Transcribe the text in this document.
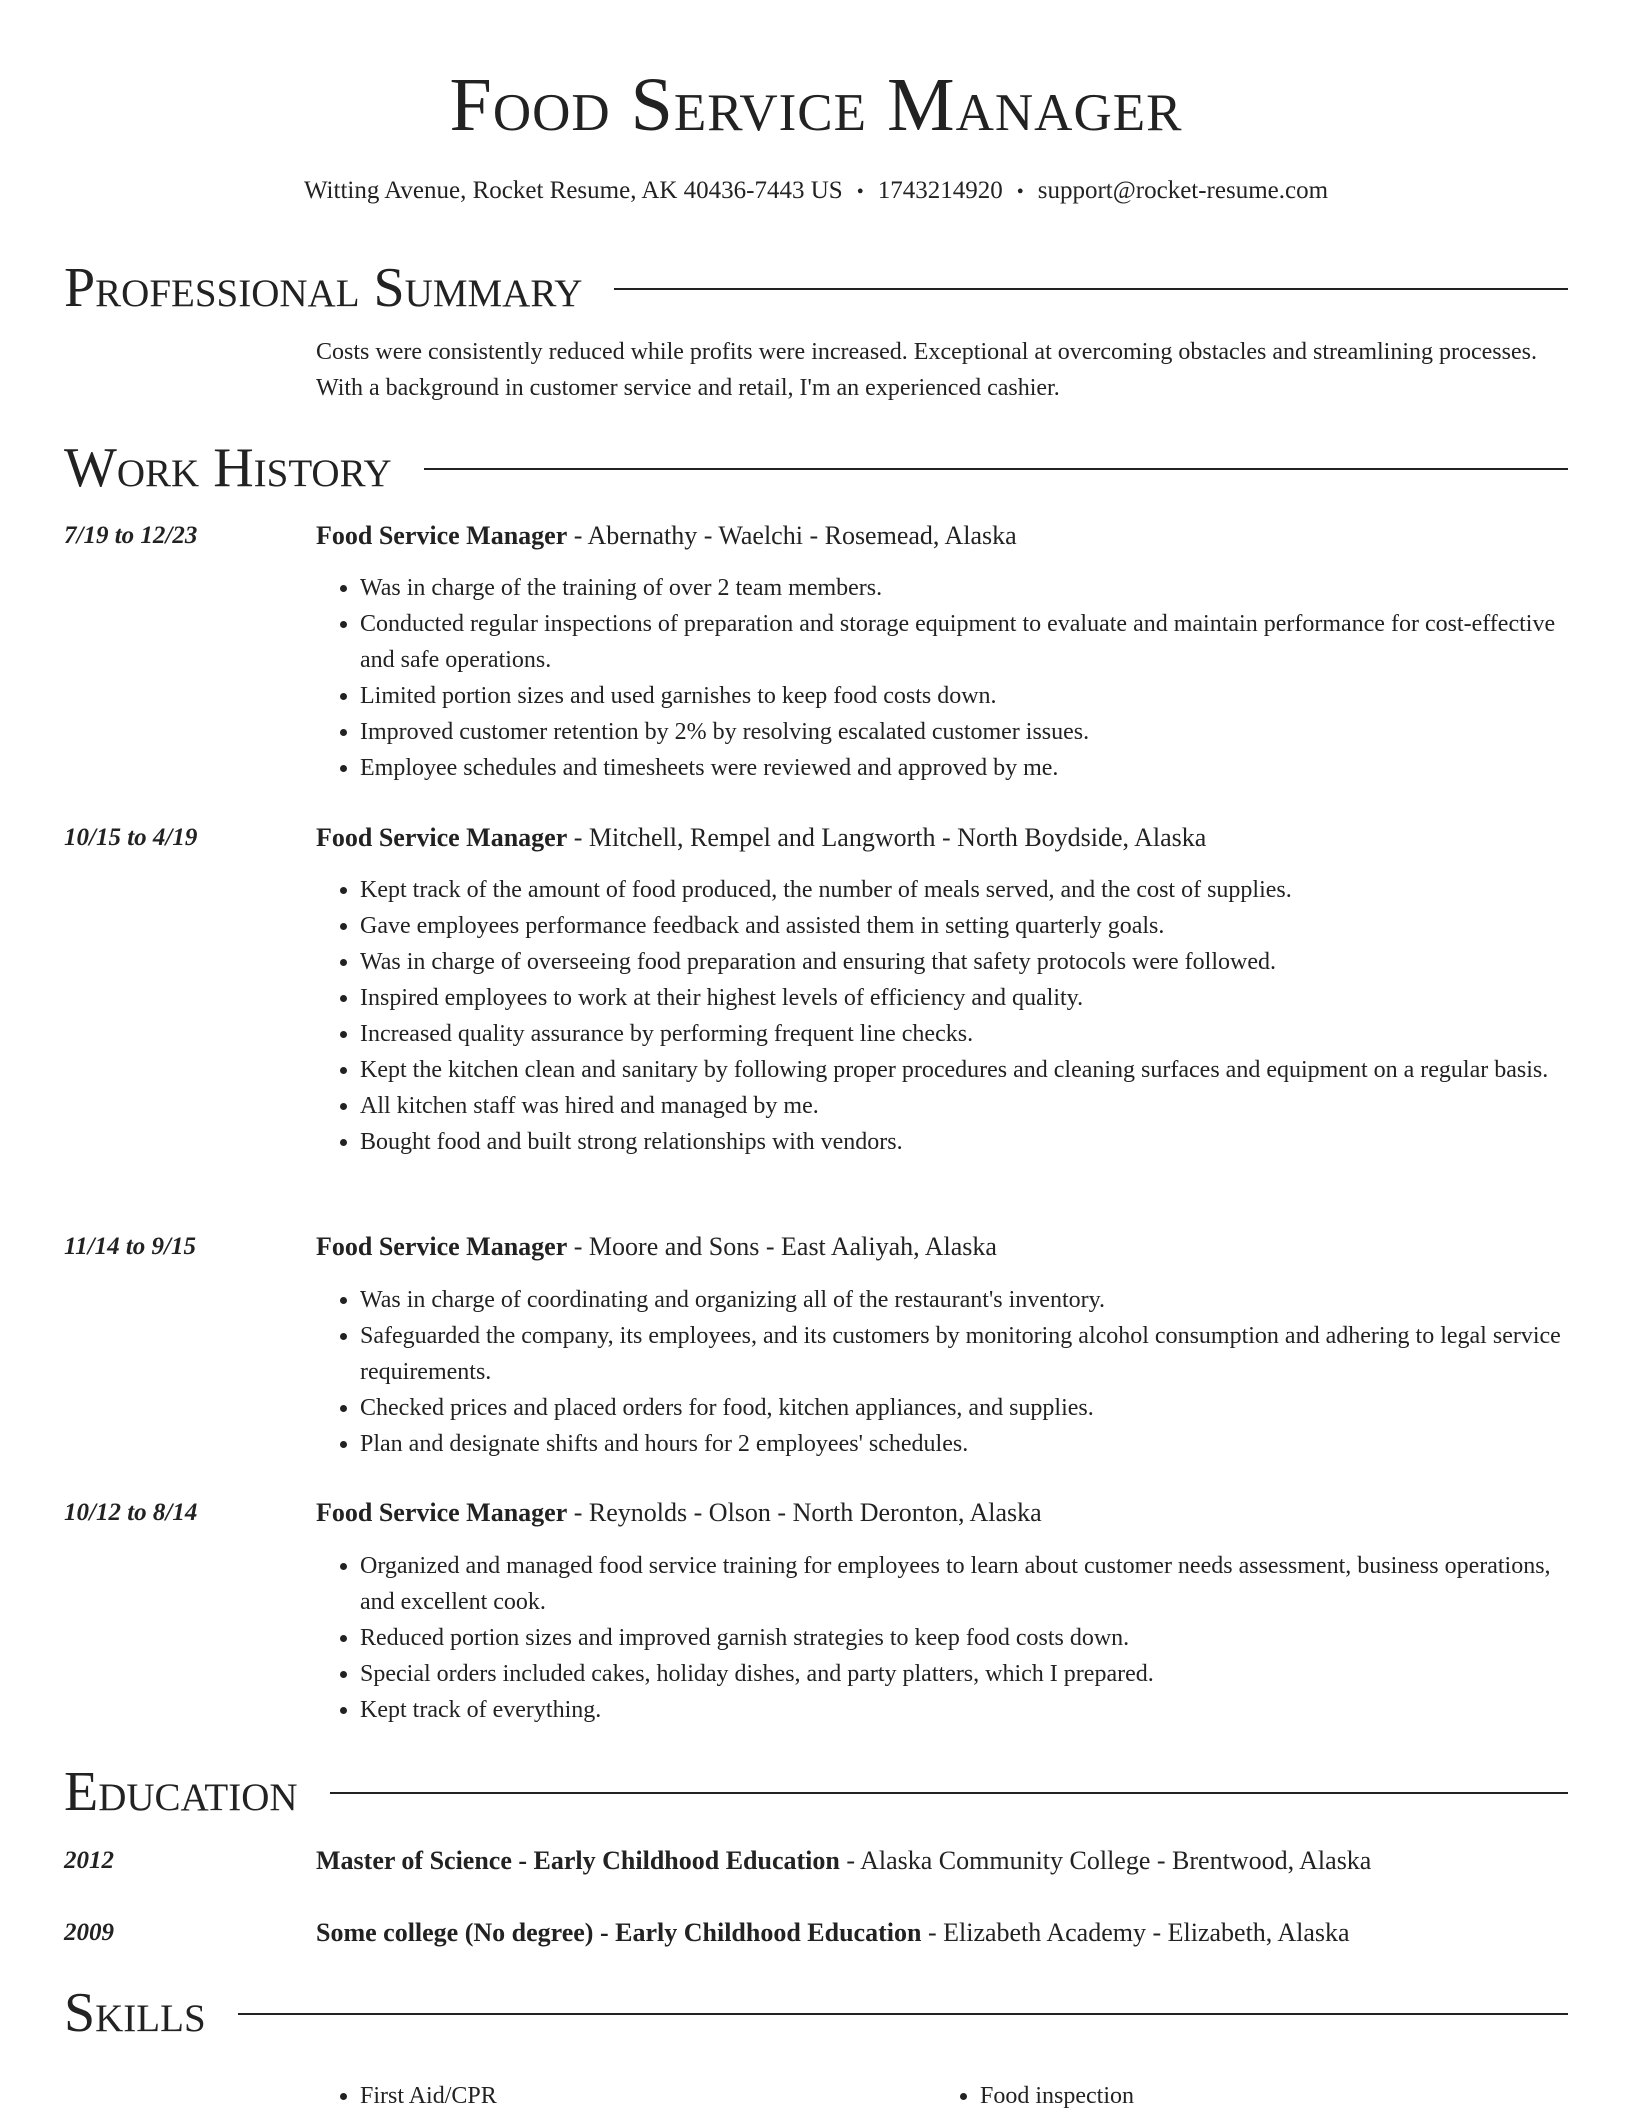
Food Service Manager
Witting Avenue, Rocket Resume, AK 40436-7443 US • 1743214920 • support@rocket-resume.com
Professional Summary
Costs were consistently reduced while profits were increased. Exceptional at overcoming obstacles and streamlining processes. With a background in customer service and retail, I'm an experienced cashier.
Work History
7/19 to 12/23	Food Service Manager - Abernathy - Waelchi - Rosemead, Alaska
• Was in charge of the training of over 2 team members.
• Conducted regular inspections of preparation and storage equipment to evaluate and maintain performance for cost-effective and safe operations.
• Limited portion sizes and used garnishes to keep food costs down.
• Improved customer retention by 2% by resolving escalated customer issues.
• Employee schedules and timesheets were reviewed and approved by me.
10/15 to 4/19	Food Service Manager - Mitchell, Rempel and Langworth - North Boydside, Alaska
• Kept track of the amount of food produced, the number of meals served, and the cost of supplies.
• Gave employees performance feedback and assisted them in setting quarterly goals.
• Was in charge of overseeing food preparation and ensuring that safety protocols were followed.
• Inspired employees to work at their highest levels of efficiency and quality.
• Increased quality assurance by performing frequent line checks.
• Kept the kitchen clean and sanitary by following proper procedures and cleaning surfaces and equipment on a regular basis.
• All kitchen staff was hired and managed by me.
• Bought food and built strong relationships with vendors.
11/14 to 9/15	Food Service Manager - Moore and Sons - East Aaliyah, Alaska
• Was in charge of coordinating and organizing all of the restaurant's inventory.
• Safeguarded the company, its employees, and its customers by monitoring alcohol consumption and adhering to legal service requirements.
• Checked prices and placed orders for food, kitchen appliances, and supplies.
• Plan and designate shifts and hours for 2 employees' schedules.
10/12 to 8/14	Food Service Manager - Reynolds - Olson - North Deronton, Alaska
• Organized and managed food service training for employees to learn about customer needs assessment, business operations, and excellent cook.
• Reduced portion sizes and improved garnish strategies to keep food costs down.
• Special orders included cakes, holiday dishes, and party platters, which I prepared.
• Kept track of everything.
Education
2012	Master of Science - Early Childhood Education - Alaska Community College - Brentwood, Alaska
2009	Some college (No degree) - Early Childhood Education - Elizabeth Academy - Elizabeth, Alaska
Skills
• First Aid/CPR
•	Food inspection
